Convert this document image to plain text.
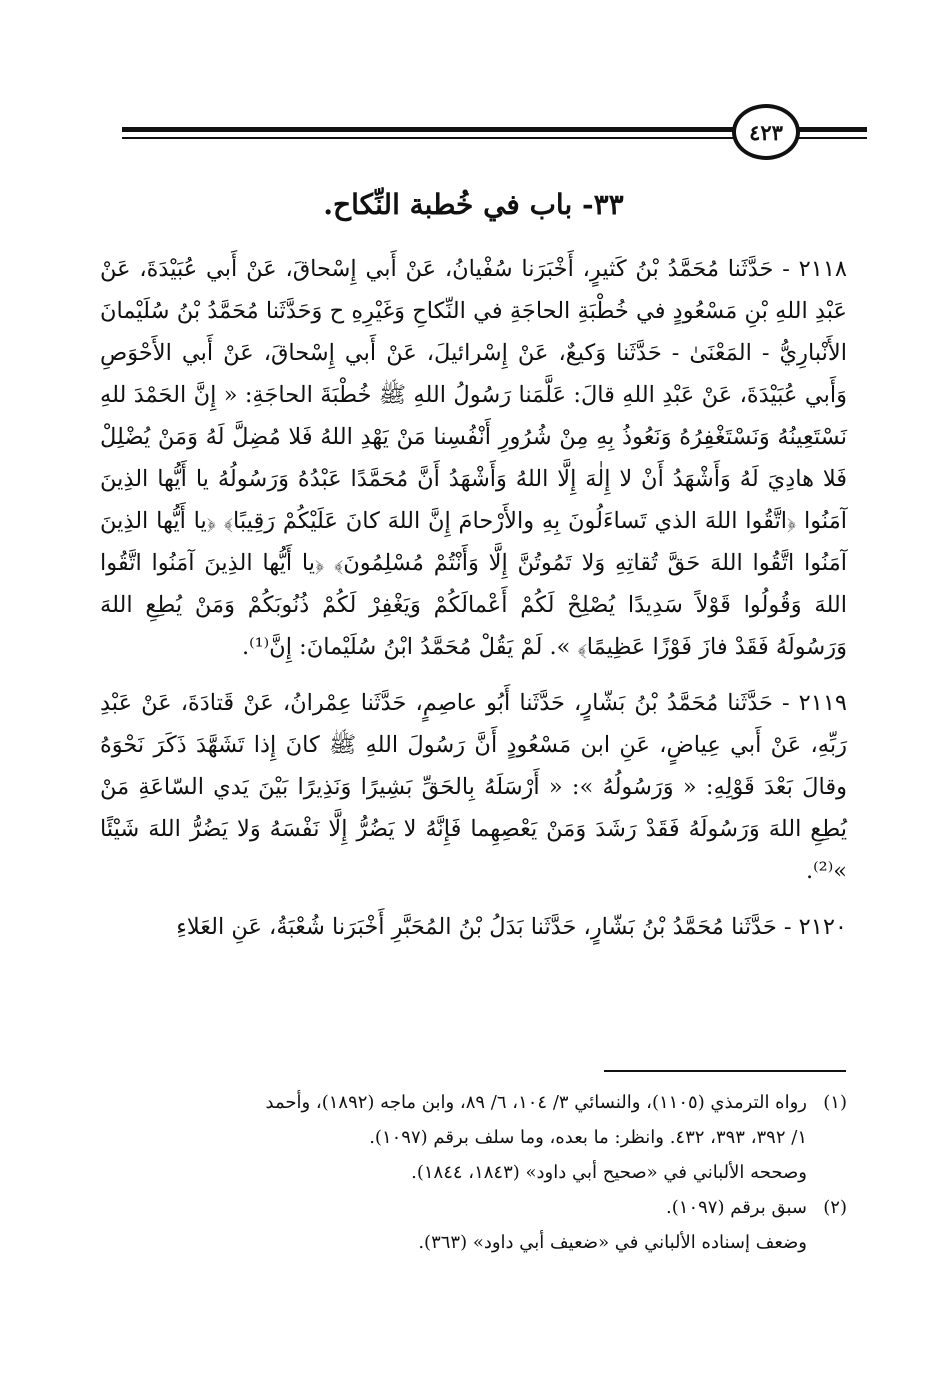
٤٢٣
٣٣- باب في خُطبة النِّكاح.

٢١١٨ - حَدَّثَنا مُحَمَّدُ بْنُ كَثيرٍ، أَخْبَرَنا سُفْيانُ، عَنْ أَبي إِسْحاقَ، عَنْ أَبي عُبَيْدَةَ، عَنْ عَبْدِ اللهِ بْنِ مَسْعُودٍ في خُطْبَةِ الحاجَةِ في النِّكاحِ وَغَيْرِهِ ح وَحَدَّثَنا مُحَمَّدُ بْنُ سُلَيْمانَ الأَنْبارِيُّ - المَعْنَىٰ - حَدَّثَنا وَكيعٌ، عَنْ إِسْرائيلَ، عَنْ أَبي إِسْحاقَ، عَنْ أَبي الأَحْوَصِ وَأَبي عُبَيْدَةَ، عَنْ عَبْدِ اللهِ قالَ: عَلَّمَنا رَسُولُ اللهِ ﷺ خُطْبَةَ الحاجَةِ: « إِنَّ الحَمْدَ للهِ نَسْتَعِينُهُ وَنَسْتَغْفِرُهُ وَنَعُوذُ بِهِ مِنْ شُرُورِ أَنْفُسِنا مَنْ يَهْدِ اللهُ فَلا مُضِلَّ لَهُ وَمَنْ يُضْلِلْ فَلا هادِيَ لَهُ وَأَشْهَدُ أَنْ لا إِلٰهَ إِلَّا اللهُ وَأَشْهَدُ أَنَّ مُحَمَّدًا عَبْدُهُ وَرَسُولُهُ يا أَيُّها الذِينَ آمَنُوا ﴿اتَّقُوا اللهَ الذي تَساءَلُونَ بِهِ والأَرْحامَ إِنَّ اللهَ كانَ عَلَيْكُمْ رَقِيبًا﴾ ﴿يا أَيُّها الذِينَ آمَنُوا اتَّقُوا اللهَ حَقَّ تُقاتِهِ وَلا تَمُوتُنَّ إِلَّا وَأَنْتُمْ مُسْلِمُونَ﴾ ﴿يا أَيُّها الذِينَ آمَنُوا اتَّقُوا اللهَ وَقُولُوا قَوْلاً سَدِيدًا يُصْلِحْ لَكُمْ أَعْمالَكُمْ وَيَغْفِرْ لَكُمْ ذُنُوبَكُمْ وَمَنْ يُطِعِ اللهَ وَرَسُولَهُ فَقَدْ فازَ فَوْزًا عَظِيمًا﴾ ». لَمْ يَقُلْ مُحَمَّدُ ابْنُ سُلَيْمانَ: إِنَّ⁽¹⁾.

٢١١٩ - حَدَّثَنا مُحَمَّدُ بْنُ بَشّارٍ، حَدَّثَنا أَبُو عاصِمٍ، حَدَّثَنا عِمْرانُ، عَنْ قَتادَةَ، عَنْ عَبْدِ رَبِّهِ، عَنْ أَبي عِياضٍ، عَنِ ابن مَسْعُودٍ أَنَّ رَسُولَ اللهِ ﷺ كانَ إِذا تَشَهَّدَ ذَكَرَ نَحْوَهُ وقالَ بَعْدَ قَوْلِهِ: « وَرَسُولُهُ »: « أَرْسَلَهُ بِالحَقِّ بَشِيرًا وَنَذِيرًا بَيْنَ يَدي السّاعَةِ مَنْ يُطِعِ اللهَ وَرَسُولَهُ فَقَدْ رَشَدَ وَمَنْ يَعْصِهِما فَإِنَّهُ لا يَضُرُّ إِلَّا نَفْسَهُ وَلا يَضُرُّ اللهَ شَيْئًا »⁽²⁾.

٢١٢٠ - حَدَّثَنا مُحَمَّدُ بْنُ بَشّارٍ، حَدَّثَنا بَدَلُ بْنُ المُحَبَّرِ أَخْبَرَنا شُعْبَةُ، عَنِ العَلاءِ

(١)رواه الترمذي (١١٠٥)، والنسائي ٣/ ١٠٤، ٦/ ٨٩، وابن ماجه (١٨٩٢)، وأحمد

١/ ٣٩٢، ٣٩٣، ٤٣٢. وانظر: ما بعده، وما سلف برقم (١٠٩٧).

وصححه الألباني في «صحيح أبي داود» (١٨٤٣، ١٨٤٤).

(٢)سبق برقم (١٠٩٧).

وضعف إسناده الألباني في «ضعيف أبي داود» (٣٦٣).
